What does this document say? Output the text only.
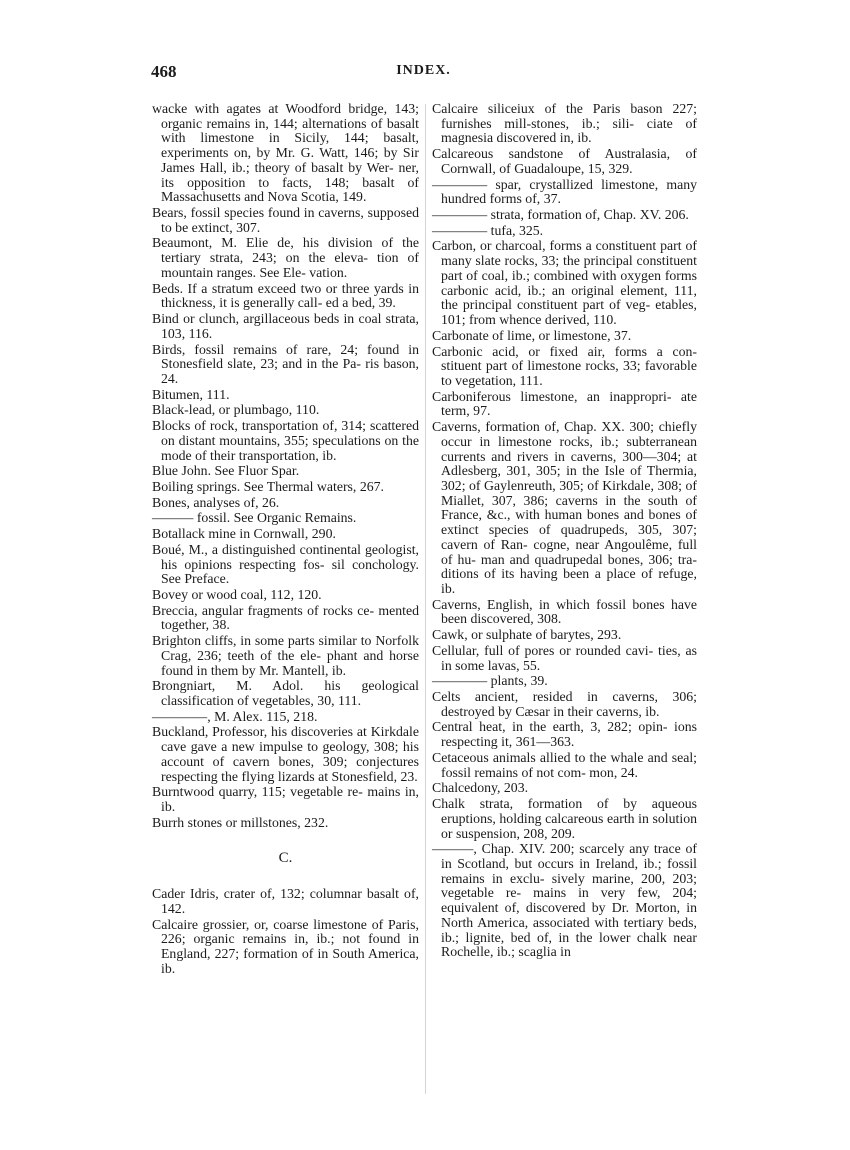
468	INDEX.
wacke with agates at Woodford bridge, 143; organic remains in, 144; alternations of basalt with limestone in Sicily, 144; basalt, experiments on, by Mr. G. Watt, 146; by Sir James Hall, ib.; theory of basalt by Wer- ner, its opposition to facts, 148; basalt of Massachusetts and Nova Scotia, 149.
Bears, fossil species found in caverns, supposed to be extinct, 307.
Beaumont, M. Elie de, his division of the tertiary strata, 243; on the eleva- tion of mountain ranges. See Ele- vation.
Beds. If a stratum exceed two or three yards in thickness, it is generally call- ed a bed, 39.
Bind or clunch, argillaceous beds in coal strata, 103, 116.
Birds, fossil remains of rare, 24; found in Stonesfield slate, 23; and in the Pa- ris bason, 24.
Bitumen, 111.
Black-lead, or plumbago, 110.
Blocks of rock, transportation of, 314; scattered on distant mountains, 355; speculations on the mode of their transportation, ib.
Blue John. See Fluor Spar.
Boiling springs. See Thermal waters, 267.
Bones, analyses of, 26.
——— fossil. See Organic Remains.
Botallack mine in Cornwall, 290.
Boué, M., a distinguished continental geologist, his opinions respecting fos- sil conchology. See Preface.
Bovey or wood coal, 112, 120.
Breccia, angular fragments of rocks ce- mented together, 38.
Brighton cliffs, in some parts similar to Norfolk Crag, 236; teeth of the ele- phant and horse found in them by Mr. Mantell, ib.
Brongniart, M. Adol. his geological classification of vegetables, 30, 111.
————, M. Alex. 115, 218.
Buckland, Professor, his discoveries at Kirkdale cave gave a new impulse to geology, 308; his account of cavern bones, 309; conjectures respecting the flying lizards at Stonesfield, 23.
Burntwood quarry, 115; vegetable re- mains in, ib.
Burrh stones or millstones, 232.
C.
Cader Idris, crater of, 132; columnar basalt of, 142.
Calcaire grossier, or, coarse limestone of Paris, 226; organic remains in, ib.; not found in England, 227; formation of in South America, ib.
Calcaire siliceiux of the Paris bason 227; furnishes mill-stones, ib.; sili- ciate of magnesia discovered in, ib.
Calcareous sandstone of Australasia, of Cornwall, of Guadaloupe, 15, 329.
———— spar, crystallized limestone, many hundred forms of, 37.
———— strata, formation of, Chap. XV. 206.
———— tufa, 325.
Carbon, or charcoal, forms a constituent part of many slate rocks, 33; the principal constituent part of coal, ib.; combined with oxygen forms carbonic acid, ib.; an original element, 111, the principal constituent part of veg- etables, 101; from whence derived, 110.
Carbonate of lime, or limestone, 37.
Carbonic acid, or fixed air, forms a con- stituent part of limestone rocks, 33; favorable to vegetation, 111.
Carboniferous limestone, an inappropri- ate term, 97.
Caverns, formation of, Chap. XX. 300; chiefly occur in limestone rocks, ib.; subterranean currents and rivers in caverns, 300—304; at Adlesberg, 301, 305; in the Isle of Thermia, 302; of Gaylenreuth, 305; of Kirkdale, 308; of Miallet, 307, 386; caverns in the south of France, &c., with human bones and bones of extinct species of quadrupeds, 305, 307; cavern of Ran- cogne, near Angoulême, full of hu- man and quadrupedal bones, 306; tra- ditions of its having been a place of refuge, ib.
Caverns, English, in which fossil bones have been discovered, 308.
Cawk, or sulphate of barytes, 293.
Cellular, full of pores or rounded cavi- ties, as in some lavas, 55.
———— plants, 39.
Celts ancient, resided in caverns, 306; destroyed by Cæsar in their caverns, ib.
Central heat, in the earth, 3, 282; opin- ions respecting it, 361—363.
Cetaceous animals allied to the whale and seal; fossil remains of not com- mon, 24.
Chalcedony, 203.
Chalk strata, formation of by aqueous eruptions, holding calcareous earth in solution or suspension, 208, 209.
———, Chap. XIV. 200; scarcely any trace of in Scotland, but occurs in Ireland, ib.; fossil remains in exclu- sively marine, 200, 203; vegetable re- mains in very few, 204; equivalent of, discovered by Dr. Morton, in North America, associated with tertiary beds, ib.; lignite, bed of, in the lower chalk near Rochelle, ib.; scaglia in
